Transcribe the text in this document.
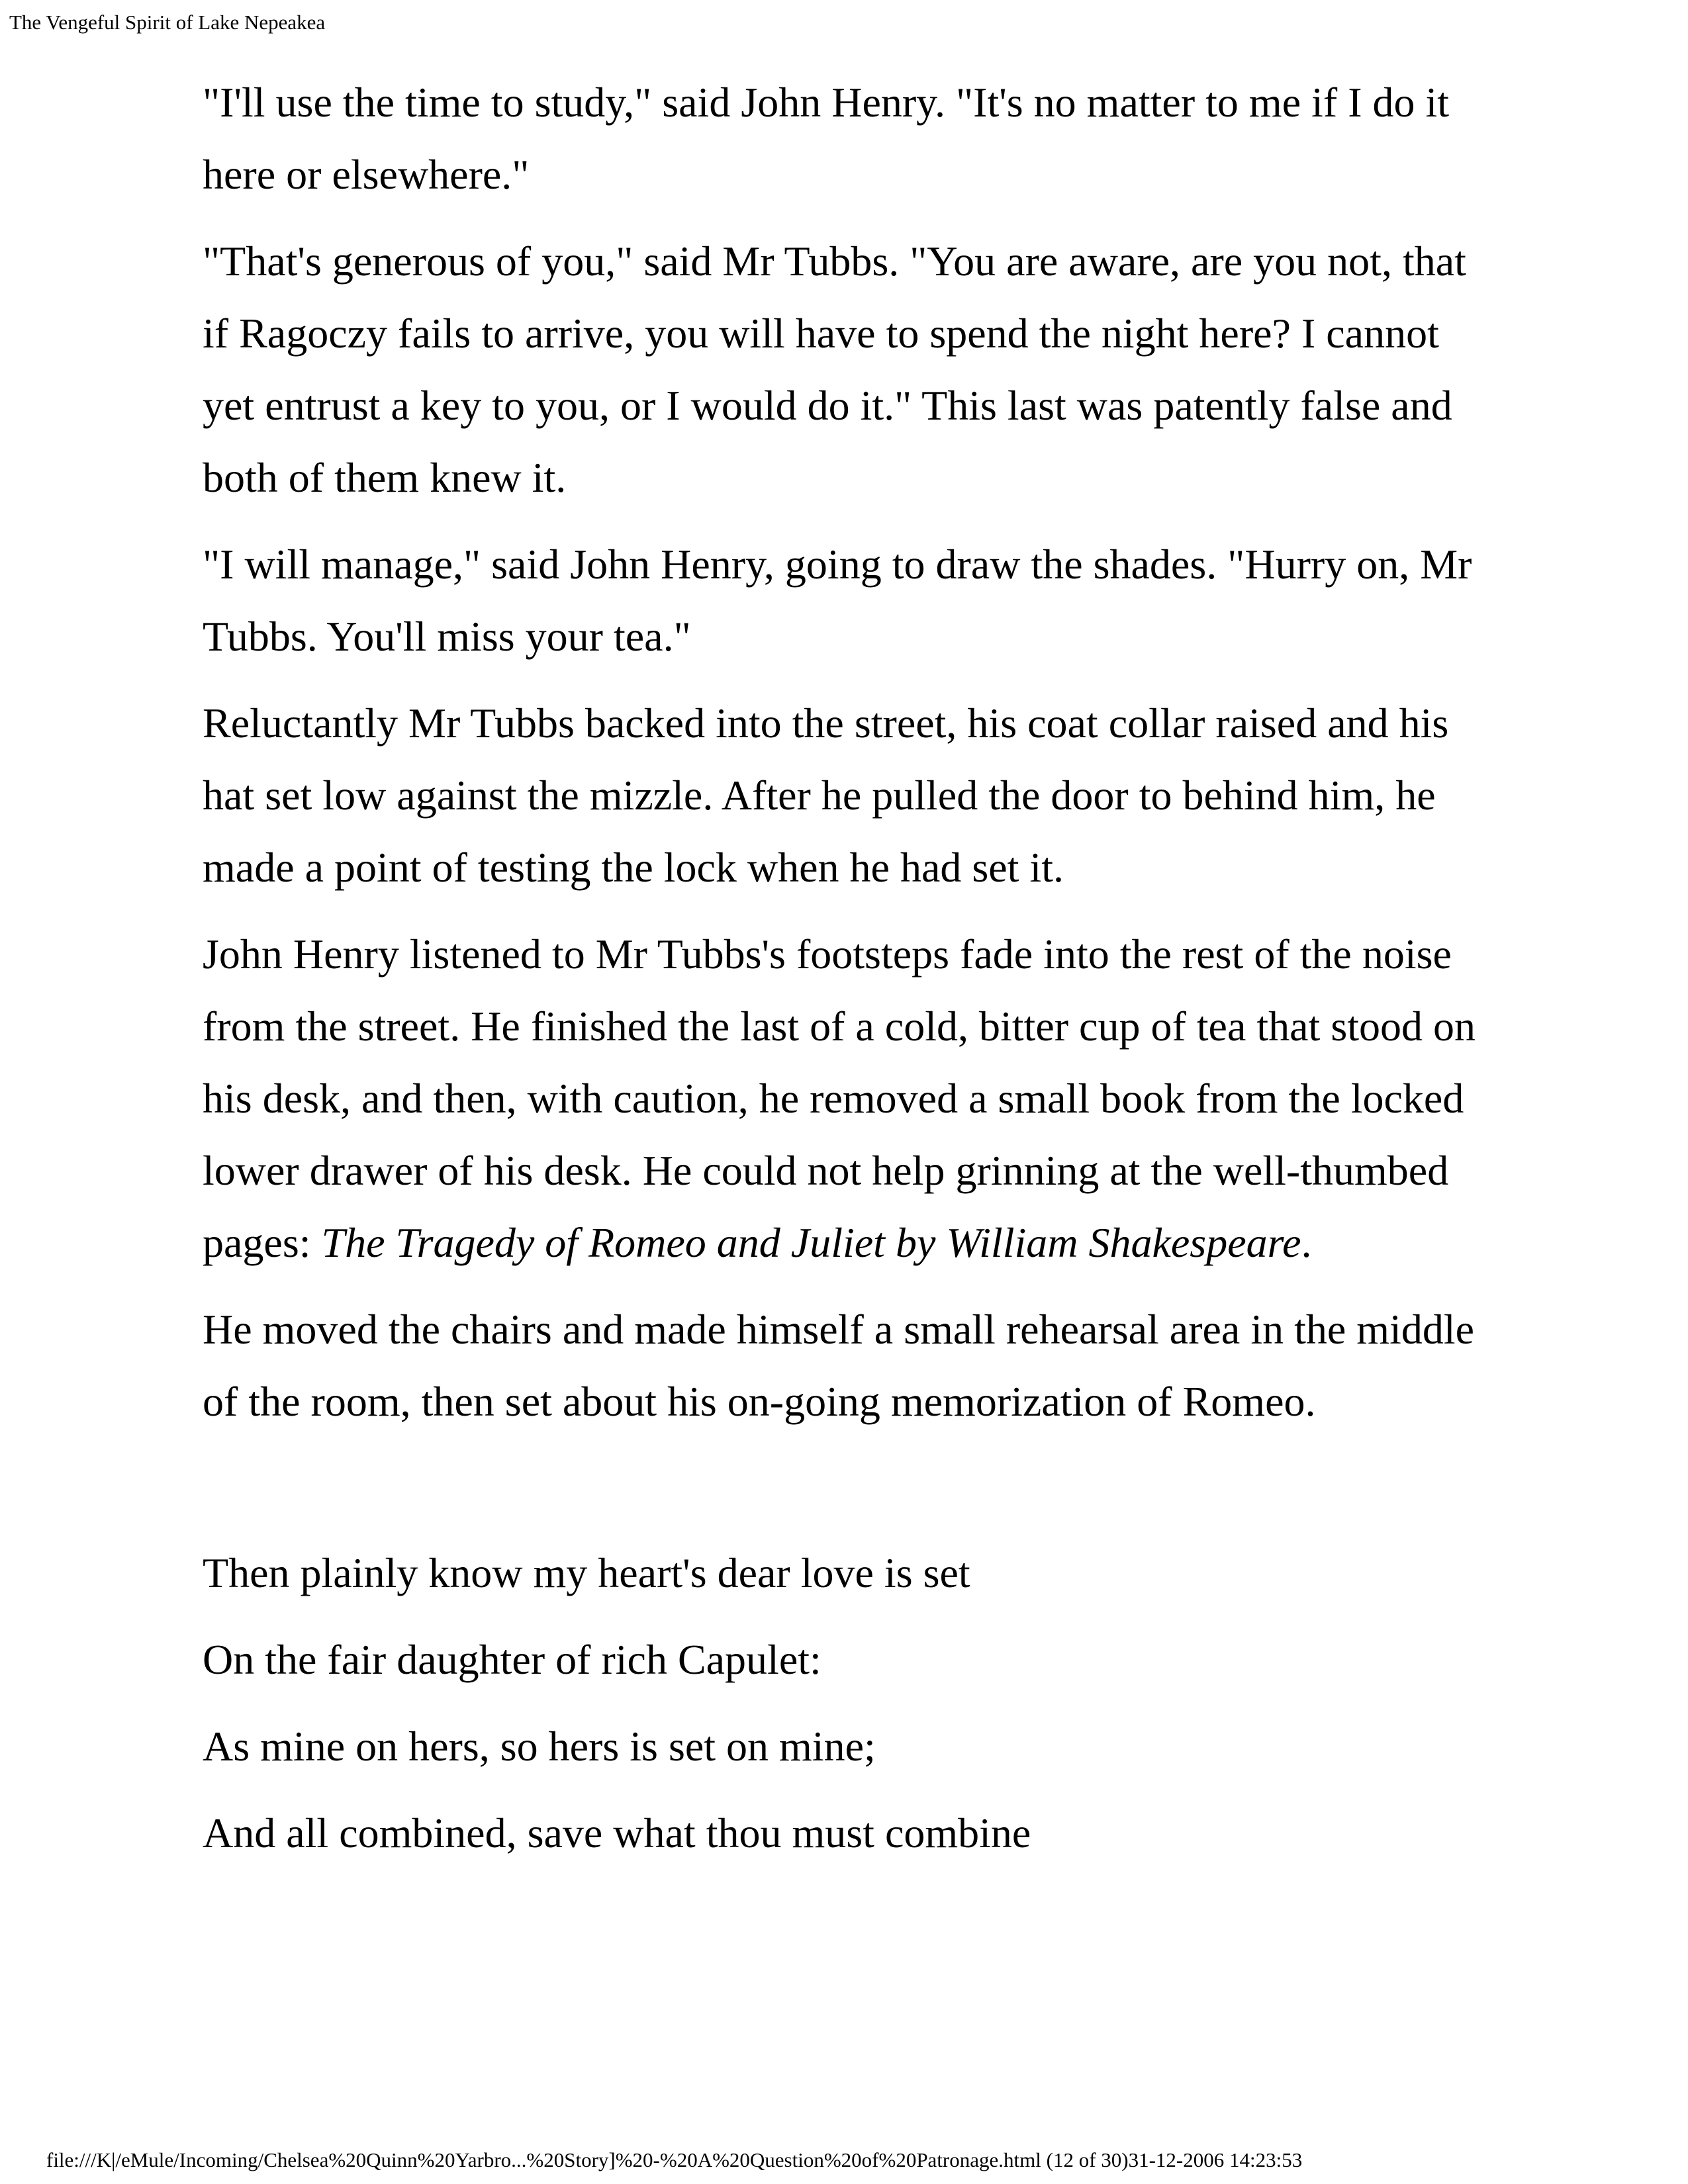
The Vengeful Spirit of Lake Nepeakea

"I'll use the time to study," said John Henry. "It's no matter to me if I do it here or elsewhere."

"That's generous of you," said Mr Tubbs. "You are aware, are you not, that if Ragoczy fails to arrive, you will have to spend the night here? I cannot yet entrust a key to you, or I would do it." This last was patently false and both of them knew it.

"I will manage," said John Henry, going to draw the shades. "Hurry on, Mr Tubbs. You'll miss your tea."

Reluctantly Mr Tubbs backed into the street, his coat collar raised and his hat set low against the mizzle. After he pulled the door to behind him, he made a point of testing the lock when he had set it.

John Henry listened to Mr Tubbs's footsteps fade into the rest of the noise from the street. He finished the last of a cold, bitter cup of tea that stood on his desk, and then, with caution, he removed a small book from the locked lower drawer of his desk. He could not help grinning at the well-thumbed pages: The Tragedy of Romeo and Juliet by William Shakespeare.

He moved the chairs and made himself a small rehearsal area in the middle of the room, then set about his on-going memorization of Romeo.

Then plainly know my heart's dear love is set
On the fair daughter of rich Capulet:
As mine on hers, so hers is set on mine;
And all combined, save what thou must combine
file:///K|/eMule/Incoming/Chelsea%20Quinn%20Yarbro...%20Story]%20-%20A%20Question%20of%20Patronage.html (12 of 30)31-12-2006 14:23:53
